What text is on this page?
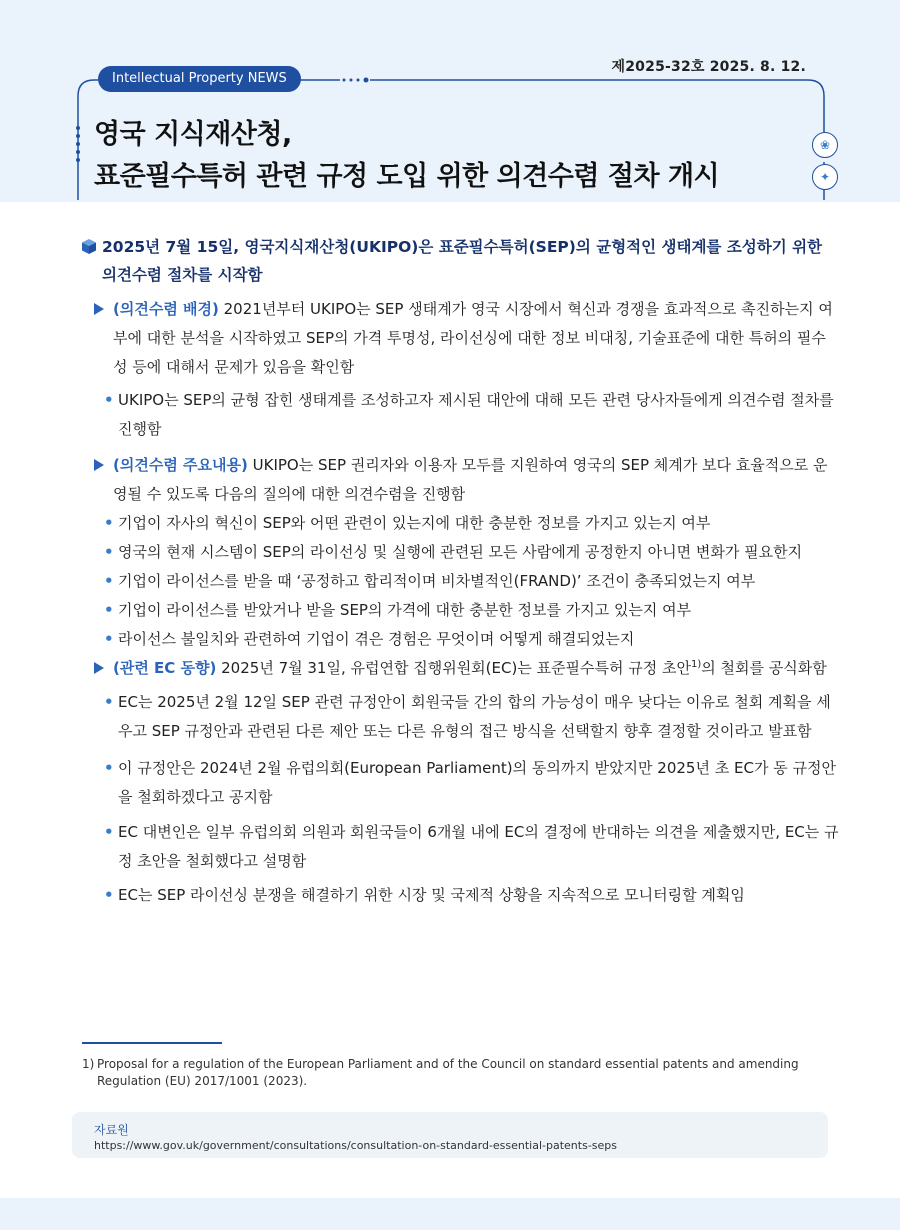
제2025-32호 2025. 8. 12.
Intellectual Property NEWS
영국 지식재산청,
표준필수특허 관련 규정 도입 위한 의견수렴 절차 개시
❀
✦
2025년 7월 15일, 영국지식재산청(UKIPO)은 표준필수특허(SEP)의 균형적인 생태계를 조성하기 위한 의견수렴 절차를 시작함
(의견수렴 배경) 2021년부터 UKIPO는 SEP 생태계가 영국 시장에서 혁신과 경쟁을 효과적으로 촉진하는지 여부에 대한 분석을 시작하였고 SEP의 가격 투명성, 라이선싱에 대한 정보 비대칭, 기술표준에 대한 특허의 필수성 등에 대해서 문제가 있음을 확인함
• UKIPO는 SEP의 균형 잡힌 생태계를 조성하고자 제시된 대안에 대해 모든 관련 당사자들에게 의견수렴 절차를 진행함
(의견수렴 주요내용) UKIPO는 SEP 권리자와 이용자 모두를 지원하여 영국의 SEP 체계가 보다 효율적으로 운영될 수 있도록 다음의 질의에 대한 의견수렴을 진행함
• 기업이 자사의 혁신이 SEP와 어떤 관련이 있는지에 대한 충분한 정보를 가지고 있는지 여부
• 영국의 현재 시스템이 SEP의 라이선싱 및 실행에 관련된 모든 사람에게 공정한지 아니면 변화가 필요한지
• 기업이 라이선스를 받을 때 ‘공정하고 합리적이며 비차별적인(FRAND)’ 조건이 충족되었는지 여부
• 기업이 라이선스를 받았거나 받을 SEP의 가격에 대한 충분한 정보를 가지고 있는지 여부
• 라이선스 불일치와 관련하여 기업이 겪은 경험은 무엇이며 어떻게 해결되었는지
(관련 EC 동향) 2025년 7월 31일, 유럽연합 집행위원회(EC)는 표준필수특허 규정 초안$^{1)}$의 철회를 공식화함
• EC는 2025년 2월 12일 SEP 관련 규정안이 회원국들 간의 합의 가능성이 매우 낮다는 이유로 철회 계획을 세우고 SEP 규정안과 관련된 다른 제안 또는 다른 유형의 접근 방식을 선택할지 향후 결정할 것이라고 발표함
• 이 규정안은 2024년 2월 유럽의회(European Parliament)의 동의까지 받았지만 2025년 초 EC가 동 규정안을 철회하겠다고 공지함
• EC 대변인은 일부 유럽의회 의원과 회원국들이 6개월 내에 EC의 결정에 반대하는 의견을 제출했지만, EC는 규정 초안을 철회했다고 설명함
• EC는 SEP 라이선싱 분쟁을 해결하기 위한 시장 및 국제적 상황을 지속적으로 모니터링할 계획임
1) Proposal for a regulation of the European Parliament and of the Council on standard essential patents and amending Regulation (EU) 2017/1001 (2023).
자료원
https://www.gov.uk/government/consultations/consultation-on-standard-essential-patents-seps
